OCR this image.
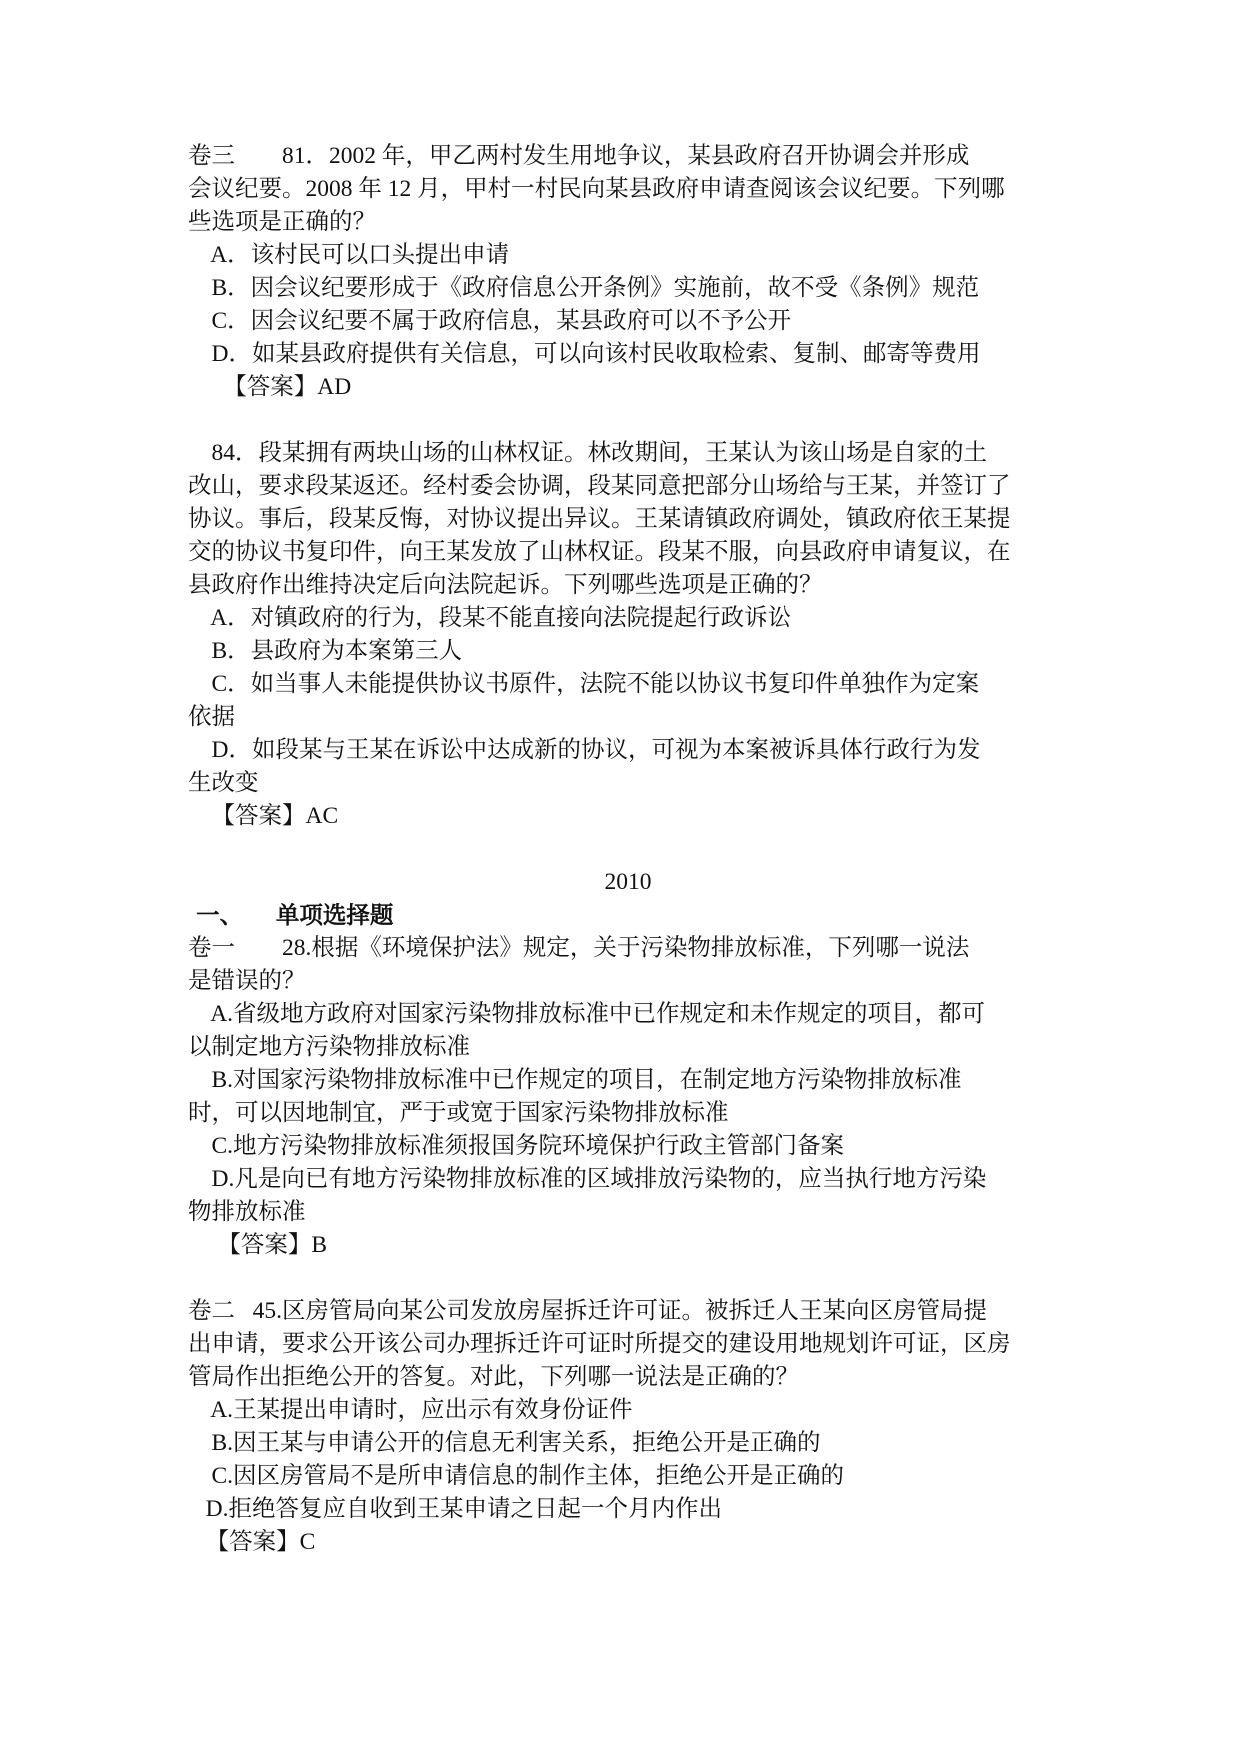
卷三        81．2002 年，甲乙两村发生用地争议，某县政府召开协调会并形成
会议纪要。2008 年 12 月，甲村一村民向某县政府申请查阅该会议纪要。下列哪
些选项是正确的？
A．该村民可以口头提出申请
B．因会议纪要形成于《政府信息公开条例》实施前，故不受《条例》规范
C．因会议纪要不属于政府信息，某县政府可以不予公开
D．如某县政府提供有关信息，可以向该村民收取检索、复制、邮寄等费用
【答案】AD
84．段某拥有两块山场的山林权证。林改期间，王某认为该山场是自家的土
改山，要求段某返还。经村委会协调，段某同意把部分山场给与王某，并签订了
协议。事后，段某反悔，对协议提出异议。王某请镇政府调处，镇政府依王某提
交的协议书复印件，向王某发放了山林权证。段某不服，向县政府申请复议，在
县政府作出维持决定后向法院起诉。下列哪些选项是正确的？
A．对镇政府的行为，段某不能直接向法院提起行政诉讼
B．县政府为本案第三人
C．如当事人未能提供协议书原件，法院不能以协议书复印件单独作为定案
依据
D．如段某与王某在诉讼中达成新的协议，可视为本案被诉具体行政行为发
生改变
【答案】AC
2010
一、    单项选择题
卷一        28.根据《环境保护法》规定，关于污染物排放标准，下列哪一说法
是错误的？
A.省级地方政府对国家污染物排放标准中已作规定和未作规定的项目，都可
以制定地方污染物排放标准
B.对国家污染物排放标准中已作规定的项目，在制定地方污染物排放标准
时，可以因地制宜，严于或宽于国家污染物排放标准
C.地方污染物排放标准须报国务院环境保护行政主管部门备案
D.凡是向已有地方污染物排放标准的区域排放污染物的，应当执行地方污染
物排放标准
【答案】B
卷二   45.区房管局向某公司发放房屋拆迁许可证。被拆迁人王某向区房管局提
出申请，要求公开该公司办理拆迁许可证时所提交的建设用地规划许可证，区房
管局作出拒绝公开的答复。对此，下列哪一说法是正确的？
A.王某提出申请时，应出示有效身份证件
B.因王某与申请公开的信息无利害关系，拒绝公开是正确的
C.因区房管局不是所申请信息的制作主体，拒绝公开是正确的
D.拒绝答复应自收到王某申请之日起一个月内作出
【答案】C
